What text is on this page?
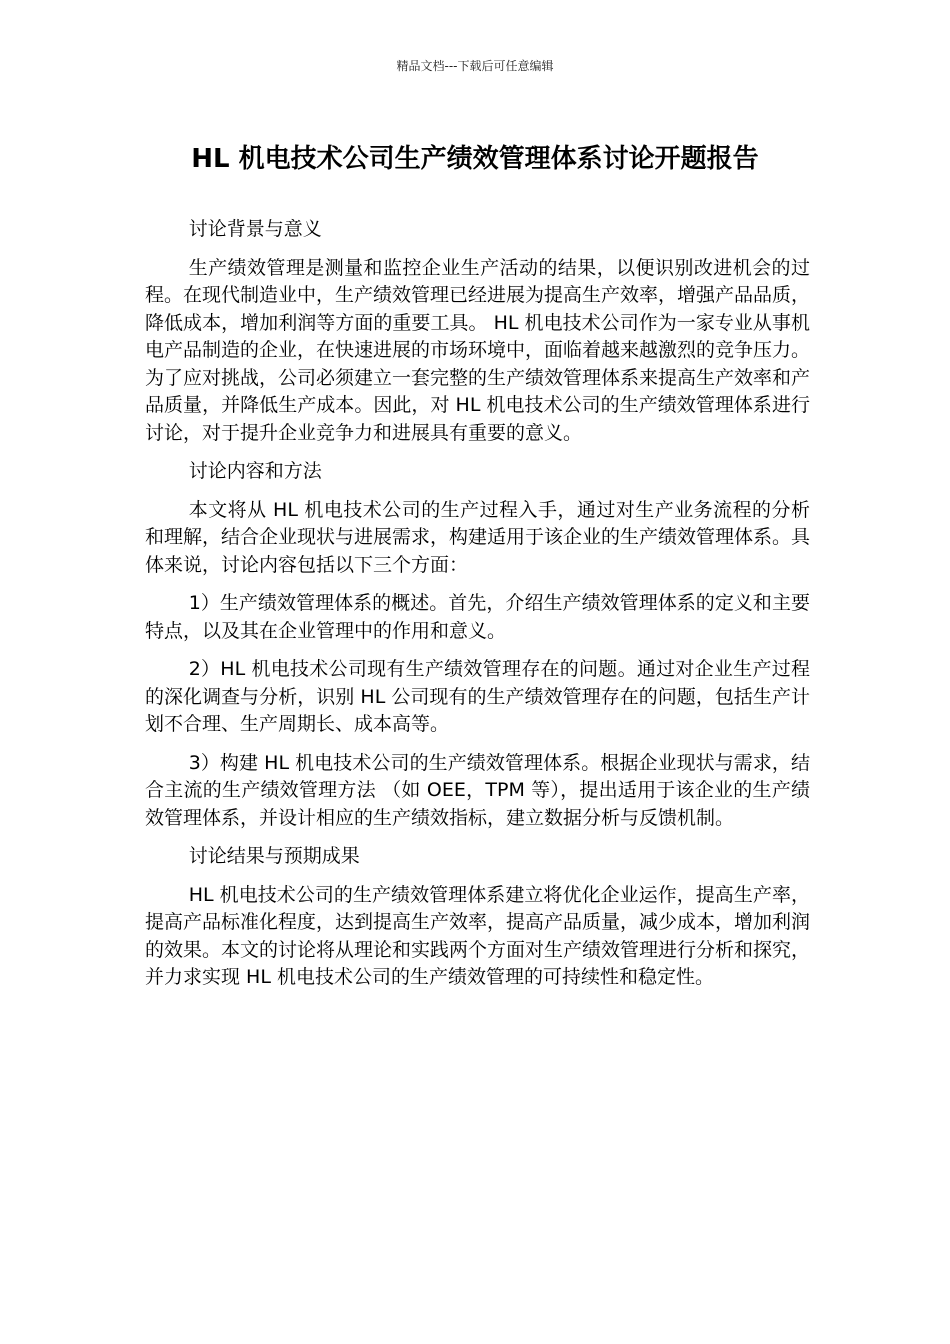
精品文档---下载后可任意编辑
HL 机电技术公司生产绩效管理体系讨论开题报告

讨论背景与意义

生产绩效管理是测量和监控企业生产活动的结果，以便识别改进机会的过程。在现代制造业中，生产绩效管理已经进展为提高生产效率，增强产品品质，降低成本，增加利润等方面的重要工具。 HL 机电技术公司作为一家专业从事机电产品制造的企业，在快速进展的市场环境中，面临着越来越激烈的竞争压力。为了应对挑战，公司必须建立一套完整的生产绩效管理体系来提高生产效率和产品质量，并降低生产成本。因此，对 HL 机电技术公司的生产绩效管理体系进行讨论，对于提升企业竞争力和进展具有重要的意义。

讨论内容和方法

本文将从 HL 机电技术公司的生产过程入手，通过对生产业务流程的分析和理解，结合企业现状与进展需求，构建适用于该企业的生产绩效管理体系。具体来说，讨论内容包括以下三个方面：

1）生产绩效管理体系的概述。首先，介绍生产绩效管理体系的定义和主要特点，以及其在企业管理中的作用和意义。

2）HL 机电技术公司现有生产绩效管理存在的问题。通过对企业生产过程的深化调查与分析，识别 HL 公司现有的生产绩效管理存在的问题，包括生产计划不合理、生产周期长、成本高等。

3）构建 HL 机电技术公司的生产绩效管理体系。根据企业现状与需求，结合主流的生产绩效管理方法 （如 OEE，TPM 等），提出适用于该企业的生产绩效管理体系，并设计相应的生产绩效指标，建立数据分析与反馈机制。

讨论结果与预期成果

HL 机电技术公司的生产绩效管理体系建立将优化企业运作，提高生产率，提高产品标准化程度，达到提高生产效率，提高产品质量，减少成本，增加利润的效果。本文的讨论将从理论和实践两个方面对生产绩效管理进行分析和探究，并力求实现 HL 机电技术公司的生产绩效管理的可持续性和稳定性。
